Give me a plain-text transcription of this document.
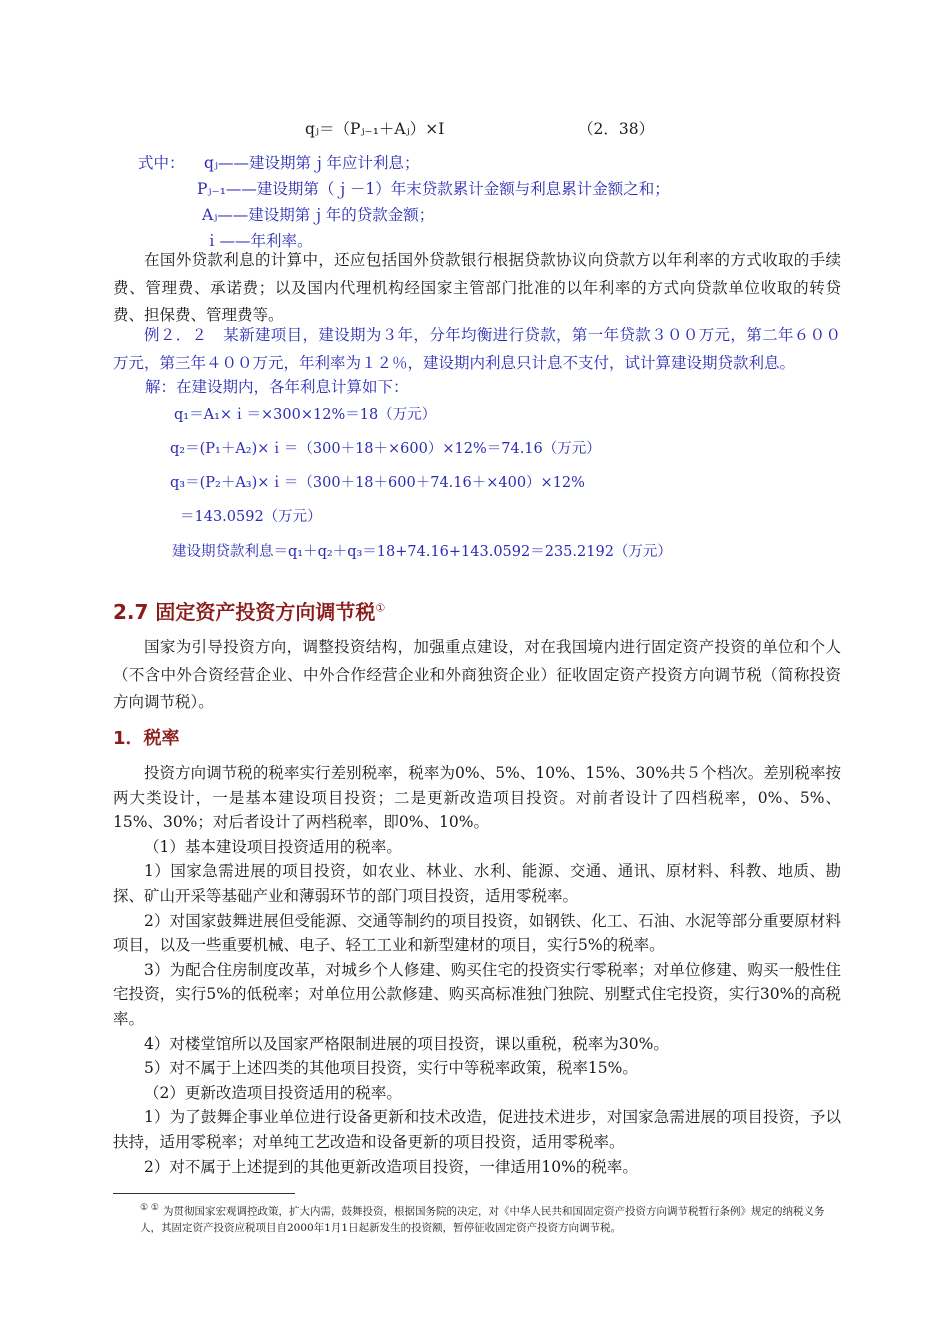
qⱼ＝（Pⱼ₋₁＋Aⱼ）×I	（2．38）
式中： qⱼ——建设期第ｊ年应计利息；
Pⱼ₋₁——建设期第（ｊ－1）年末贷款累计金额与利息累计金额之和；
Aⱼ——建设期第ｊ年的贷款金额；
ｉ——年利率。

在国外贷款利息的计算中，还应包括国外贷款银行根据贷款协议向贷款方以年利率的方式收取的手续费、管理费、承诺费；以及国内代理机构经国家主管部门批准的以年利率的方式向贷款单位收取的转贷费、担保费、管理费等。

例２．２　某新建项目，建设期为３年，分年均衡进行贷款，第一年贷款３００万元，第二年６００万元，第三年４００万元，年利率为１２％，建设期内利息只计息不支付，试计算建设期贷款利息。

解：在建设期内，各年利息计算如下：
q₁＝A₁×ｉ＝×300×12%＝18（万元）
q₂＝(P₁＋A₂)×ｉ＝（300＋18＋×600）×12%＝74.16（万元）
q₃＝(P₂＋A₃)×ｉ＝（300＋18＋600＋74.16＋×400）×12%
＝143.0592（万元）
建设期贷款利息＝q₁＋q₂＋q₃＝18+74.16+143.0592＝235.2192（万元）
2.7 固定资产投资方向调节税①

国家为引导投资方向，调整投资结构，加强重点建设，对在我国境内进行固定资产投资的单位和个人（不含中外合资经营企业、中外合作经营企业和外商独资企业）征收固定资产投资方向调节税（简称投资方向调节税）。

1．税率

投资方向调节税的税率实行差别税率，税率为0%、5%、10%、15%、30%共５个档次。差别税率按两大类设计，一是基本建设项目投资；二是更新改造项目投资。对前者设计了四档税率，0%、5%、15%、30%；对后者设计了两档税率，即0%、10%。

（1）基本建设项目投资适用的税率。

1）国家急需进展的项目投资，如农业、林业、水利、能源、交通、通讯、原材料、科教、地质、勘探、矿山开采等基础产业和薄弱环节的部门项目投资，适用零税率。

2）对国家鼓舞进展但受能源、交通等制约的项目投资，如钢铁、化工、石油、水泥等部分重要原材料项目，以及一些重要机械、电子、轻工工业和新型建材的项目，实行5%的税率。

3）为配合住房制度改革，对城乡个人修建、购买住宅的投资实行零税率；对单位修建、购买一般性住宅投资，实行5%的低税率；对单位用公款修建、购买高标准独门独院、别墅式住宅投资，实行30%的高税率。

4）对楼堂馆所以及国家严格限制进展的项目投资，课以重税，税率为30%。

5）对不属于上述四类的其他项目投资，实行中等税率政策，税率15%。

（2）更新改造项目投资适用的税率。

1）为了鼓舞企事业单位进行设备更新和技术改造，促进技术进步，对国家急需进展的项目投资，予以扶持，适用零税率；对单纯工艺改造和设备更新的项目投资，适用零税率。

2）对不属于上述提到的其他更新改造项目投资，一律适用10%的税率。

① ① 为贯彻国家宏观调控政策，扩大内需，鼓舞投资，根据国务院的决定，对《中华人民共和国固定资产投资方向调节税暂行条例》规定的纳税义务人，其固定资产投资应税项目自2000年1月1日起新发生的投资额，暂停征收固定资产投资方向调节税。
